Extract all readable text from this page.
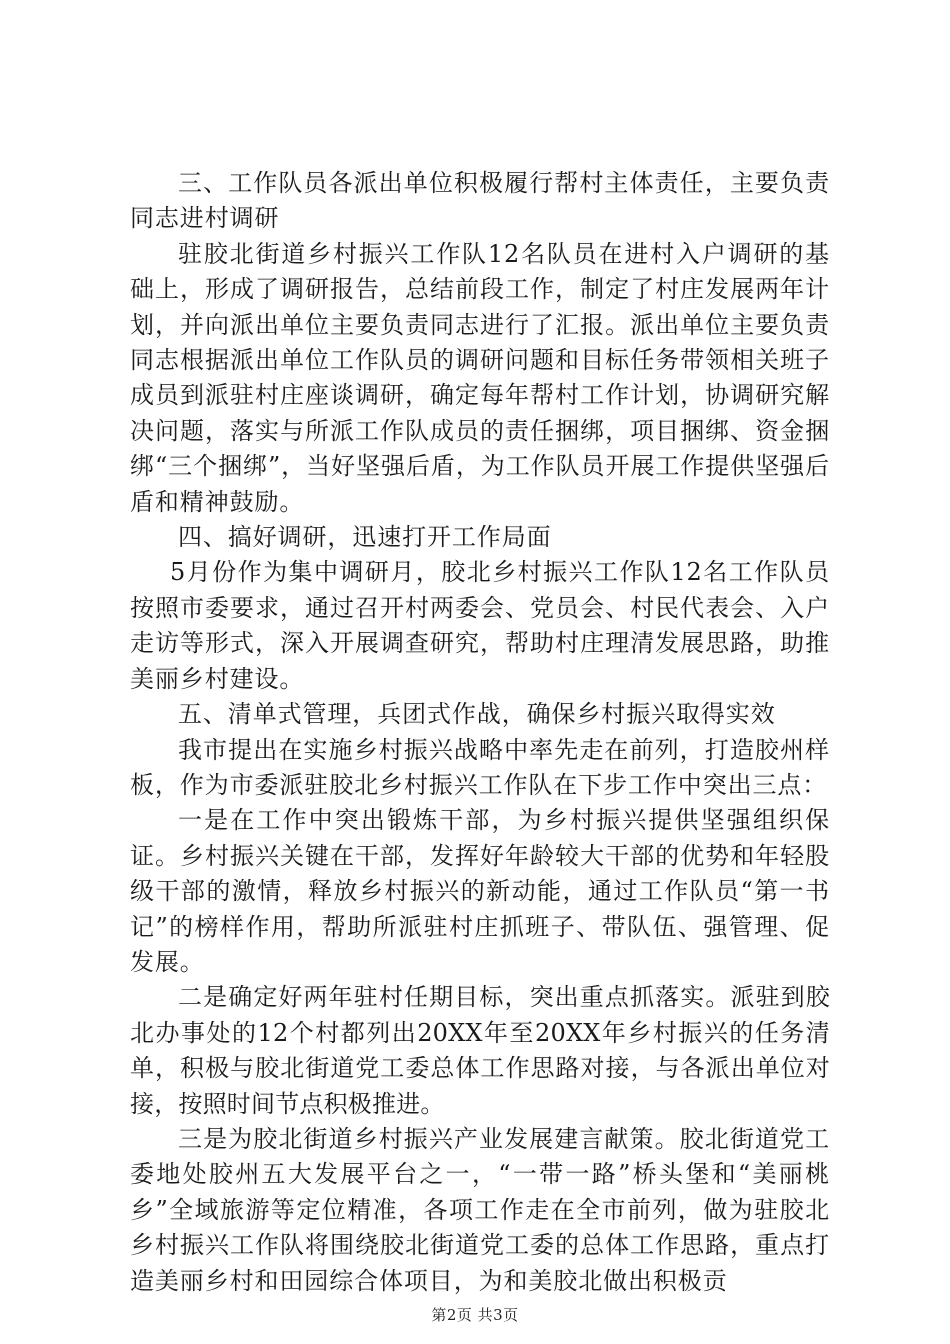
三、工作队员各派出单位积极履行帮村主体责任，主要负责同志进村调研

驻胶北街道乡村振兴工作队12名队员在进村入户调研的基础上，形成了调研报告，总结前段工作，制定了村庄发展两年计划，并向派出单位主要负责同志进行了汇报。派出单位主要负责同志根据派出单位工作队员的调研问题和目标任务带领相关班子成员到派驻村庄座谈调研，确定每年帮村工作计划，协调研究解决问题，落实与所派工作队成员的责任捆绑，项目捆绑、资金捆绑“三个捆绑”，当好坚强后盾，为工作队员开展工作提供坚强后盾和精神鼓励。

四、搞好调研，迅速打开工作局面

5月份作为集中调研月，胶北乡村振兴工作队12名工作队员按照市委要求，通过召开村两委会、党员会、村民代表会、入户走访等形式，深入开展调查研究，帮助村庄理清发展思路，助推美丽乡村建设。

五、清单式管理，兵团式作战，确保乡村振兴取得实效

我市提出在实施乡村振兴战略中率先走在前列，打造胶州样板，作为市委派驻胶北乡村振兴工作队在下步工作中突出三点：

一是在工作中突出锻炼干部，为乡村振兴提供坚强组织保证。乡村振兴关键在干部，发挥好年龄较大干部的优势和年轻股级干部的激情，释放乡村振兴的新动能，通过工作队员“第一书记”的榜样作用，帮助所派驻村庄抓班子、带队伍、强管理、促发展。

二是确定好两年驻村任期目标，突出重点抓落实。派驻到胶北办事处的12个村都列出20XX年至20XX年乡村振兴的任务清单，积极与胶北街道党工委总体工作思路对接，与各派出单位对接，按照时间节点积极推进。

三是为胶北街道乡村振兴产业发展建言献策。胶北街道党工委地处胶州五大发展平台之一，“一带一路”桥头堡和“美丽桃乡”全域旅游等定位精准，各项工作走在全市前列，做为驻胶北乡村振兴工作队将围绕胶北街道党工委的总体工作思路，重点打造美丽乡村和田园综合体项目，为和美胶北做出积极贡

第2页 共3页
